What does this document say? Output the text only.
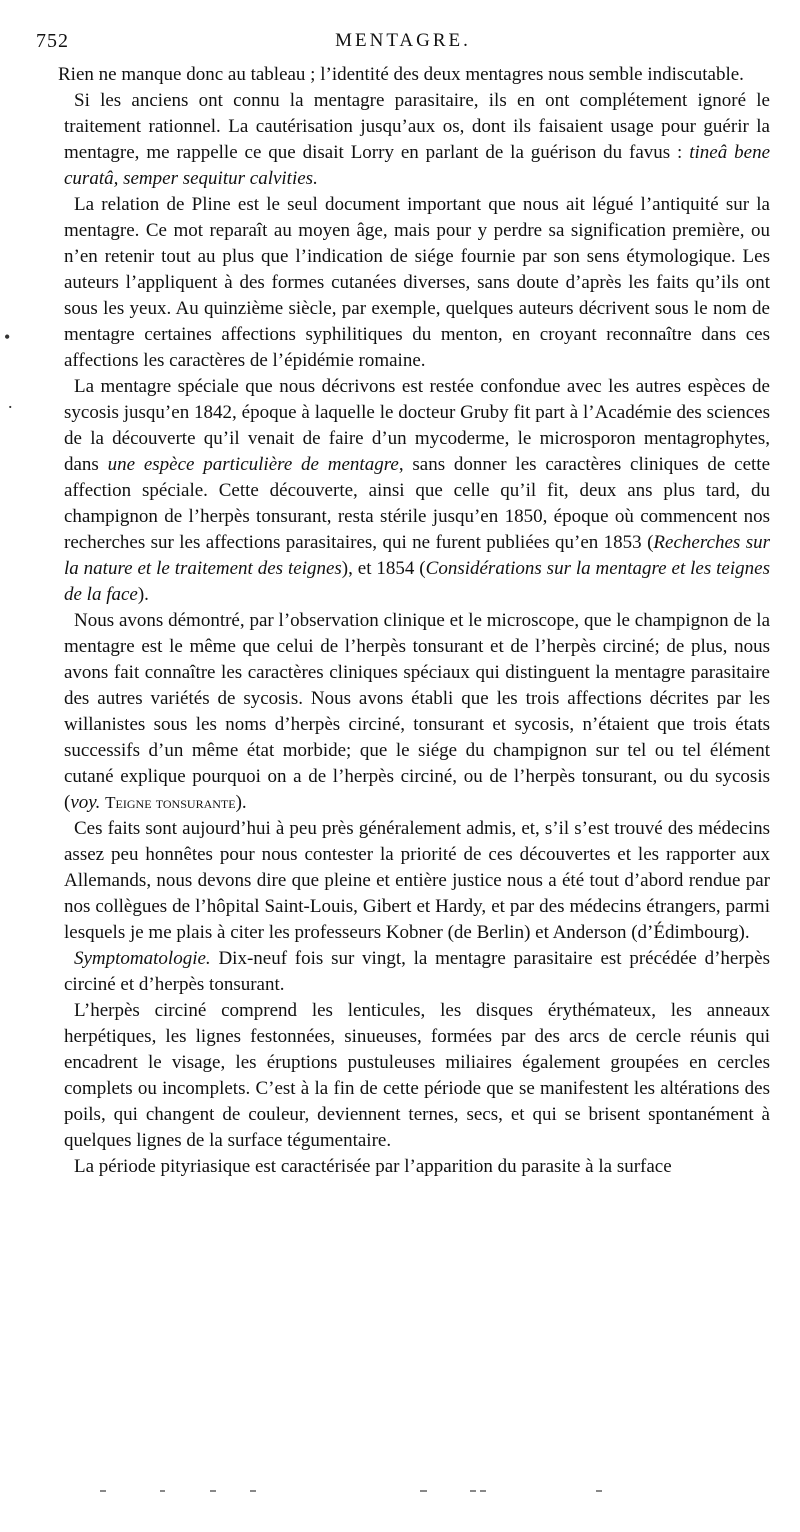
752	MENTAGRE.
•
.

Rien ne manque donc au tableau ; l’identité des deux mentagres nous semble indiscutable.

Si les anciens ont connu la mentagre parasitaire, ils en ont complétement ignoré le traitement rationnel. La cautérisation jusqu’aux os, dont ils faisaient usage pour guérir la mentagre, me rappelle ce que disait Lorry en parlant de la guérison du favus : tineâ bene curatâ, semper sequitur calvities.

La relation de Pline est le seul document important que nous ait légué l’antiquité sur la mentagre. Ce mot reparaît au moyen âge, mais pour y perdre sa signification première, ou n’en retenir tout au plus que l’indication de siége fournie par son sens étymologique. Les auteurs l’appliquent à des formes cutanées diverses, sans doute d’après les faits qu’ils ont sous les yeux. Au quinzième siècle, par exemple, quelques auteurs décrivent sous le nom de mentagre certaines affections syphilitiques du menton, en croyant reconnaître dans ces affections les caractères de l’épidémie romaine.

La mentagre spéciale que nous décrivons est restée confondue avec les autres espèces de sycosis jusqu’en 1842, époque à laquelle le docteur Gruby fit part à l’Académie des sciences de la découverte qu’il venait de faire d’un mycoderme, le microsporon mentagrophytes, dans une espèce particulière de mentagre, sans donner les caractères cliniques de cette affection spéciale. Cette découverte, ainsi que celle qu’il fit, deux ans plus tard, du champignon de l’herpès tonsurant, resta stérile jusqu’en 1850, époque où commencent nos recherches sur les affections parasitaires, qui ne furent publiées qu’en 1853 (Recherches sur la nature et le traitement des teignes), et 1854 (Considérations sur la mentagre et les teignes de la face).

Nous avons démontré, par l’observation clinique et le microscope, que le champignon de la mentagre est le même que celui de l’herpès tonsurant et de l’herpès circiné; de plus, nous avons fait connaître les caractères cliniques spéciaux qui distinguent la mentagre parasitaire des autres variétés de sycosis. Nous avons établi que les trois affections décrites par les willanistes sous les noms d’herpès circiné, tonsurant et sycosis, n’étaient que trois états successifs d’un même état morbide; que le siége du champignon sur tel ou tel élément cutané explique pourquoi on a de l’herpès circiné, ou de l’herpès tonsurant, ou du sycosis (voy. Teigne tonsurante).

Ces faits sont aujourd’hui à peu près généralement admis, et, s’il s’est trouvé des médecins assez peu honnêtes pour nous contester la priorité de ces découvertes et les rapporter aux Allemands, nous devons dire que pleine et entière justice nous a été tout d’abord rendue par nos collègues de l’hôpital Saint-Louis, Gibert et Hardy, et par des médecins étrangers, parmi lesquels je me plais à citer les professeurs Kobner (de Berlin) et Anderson (d’Édimbourg).

Symptomatologie. Dix-neuf fois sur vingt, la mentagre parasitaire est précédée d’herpès circiné et d’herpès tonsurant.

L’herpès circiné comprend les lenticules, les disques érythémateux, les anneaux herpétiques, les lignes festonnées, sinueuses, formées par des arcs de cercle réunis qui encadrent le visage, les éruptions pustuleuses miliaires également groupées en cercles complets ou incomplets. C’est à la fin de cette période que se manifestent les altérations des poils, qui changent de couleur, deviennent ternes, secs, et qui se brisent spontanément à quelques lignes de la surface tégumentaire.

La période pityriasique est caractérisée par l’apparition du parasite à la surface
